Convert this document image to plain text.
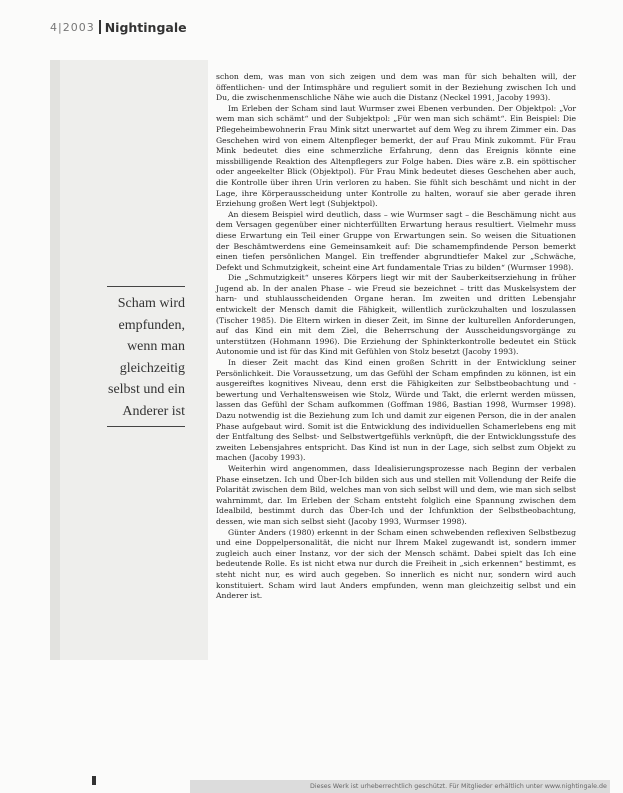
4|2003 Nightingale
Scham wird
empfunden,
wenn man
gleichzeitig
selbst und ein
Anderer ist

schon dem, was man von sich zeigen und dem was man für sich behalten will, der öffentlichen- und der Intimsphäre und reguliert somit in der Beziehung zwischen Ich und Du, die zwischenmenschliche Nähe wie auch die Distanz (Neckel 1991, Jacoby 1993).

Im Erleben der Scham sind laut Wurmser zwei Ebenen verbunden. Der Objektpol: „Vor wem man sich schämt“ und der Subjektpol: „Für wen man sich schämt“. Ein Beispiel: Die Pflegeheimbewohnerin Frau Mink sitzt unerwartet auf dem Weg zu ihrem Zimmer ein. Das Geschehen wird von einem Altenpfleger bemerkt, der auf Frau Mink zukommt. Für Frau Mink bedeutet dies eine schmerzliche Erfahrung, denn das Ereignis könnte eine missbilligende Reaktion des Altenpflegers zur Folge haben. Dies wäre z.B. ein spöttischer oder angeekelter Blick (Objektpol). Für Frau Mink bedeutet dieses Geschehen aber auch, die Kontrolle über ihren Urin verloren zu haben. Sie fühlt sich beschämt und nicht in der Lage, ihre Körperausscheidung unter Kontrolle zu halten, worauf sie aber gerade ihren Erziehung großen Wert legt (Subjektpol).

An diesem Beispiel wird deutlich, dass – wie Wurmser sagt – die Beschämung nicht aus dem Versagen gegenüber einer nichterfüllten Erwartung heraus resultiert. Vielmehr muss diese Erwartung ein Teil einer Gruppe von Erwartungen sein. So weisen die Situationen der Beschämtwerdens eine Gemeinsamkeit auf: Die schamempfindende Person bemerkt einen tiefen persönlichen Mangel. Ein treffender abgrundtiefer Makel zur „Schwäche, Defekt und Schmutzigkeit, scheint eine Art fundamentale Trias zu bilden“ (Wurmser 1998).

Die „Schmutzigkeit“ unseres Körpers liegt wir mit der Sauberkeitserziehung in früher Jugend ab. In der analen Phase – wie Freud sie bezeichnet – tritt das Muskelsystem der harn- und stuhlausscheidenden Organe heran. Im zweiten und dritten Lebensjahr entwickelt der Mensch damit die Fähigkeit, willentlich zurückzuhalten und loszulassen (Tischer 1985). Die Eltern wirken in dieser Zeit, im Sinne der kulturellen Anforderungen, auf das Kind ein mit dem Ziel, die Beherrschung der Ausscheidungsvorgänge zu unterstützen (Hohmann 1996). Die Erziehung der Sphinkterkontrolle bedeutet ein Stück Autonomie und ist für das Kind mit Gefühlen von Stolz besetzt (Jacoby 1993).

In dieser Zeit macht das Kind einen großen Schritt in der Entwicklung seiner Persönlichkeit. Die Voraussetzung, um das Gefühl der Scham empfinden zu können, ist ein ausgereiftes kognitives Niveau, denn erst die Fähigkeiten zur Selbstbeobachtung und -bewertung und Verhaltensweisen wie Stolz, Würde und Takt, die erlernt werden müssen, lassen das Gefühl der Scham aufkommen (Goffman 1986, Bastian 1998, Wurmser 1998). Dazu notwendig ist die Beziehung zum Ich und damit zur eigenen Person, die in der analen Phase aufgebaut wird. Somit ist die Entwicklung des individuellen Schamerlebens eng mit der Entfaltung des Selbst- und Selbstwertgefühls verknüpft, die der Entwicklungsstufe des zweiten Lebensjahres entspricht. Das Kind ist nun in der Lage, sich selbst zum Objekt zu machen (Jacoby 1993).

Weiterhin wird angenommen, dass Idealisierungsprozesse nach Beginn der verbalen Phase einsetzen. Ich und Über-Ich bilden sich aus und stellen mit Vollendung der Reife die Polarität zwischen dem Bild, welches man von sich selbst will und dem, wie man sich selbst wahrnimmt, dar. Im Erleben der Scham entsteht folglich eine Spannung zwischen dem Idealbild, bestimmt durch das Über-Ich und der Ichfunktion der Selbstbeobachtung, dessen, wie man sich selbst sieht (Jacoby 1993, Wurmser 1998).

Günter Anders (1980) erkennt in der Scham einen schwebenden reflexiven Selbstbezug und eine Doppelpersonalität, die nicht nur Ihrem Makel zugewandt ist, sondern immer zugleich auch einer Instanz, vor der sich der Mensch schämt. Dabei spielt das Ich eine bedeutende Rolle. Es ist nicht etwa nur durch die Freiheit in „sich erkennen“ bestimmt, es steht nicht nur, es wird auch gegeben. So innerlich es nicht nur, sondern wird auch konstituiert. Scham wird laut Anders empfunden, wenn man gleichzeitig selbst und ein Anderer ist.

Dieses Werk ist urheberrechtlich geschützt. Für Mitglieder erhältlich unter www.nightingale.de
